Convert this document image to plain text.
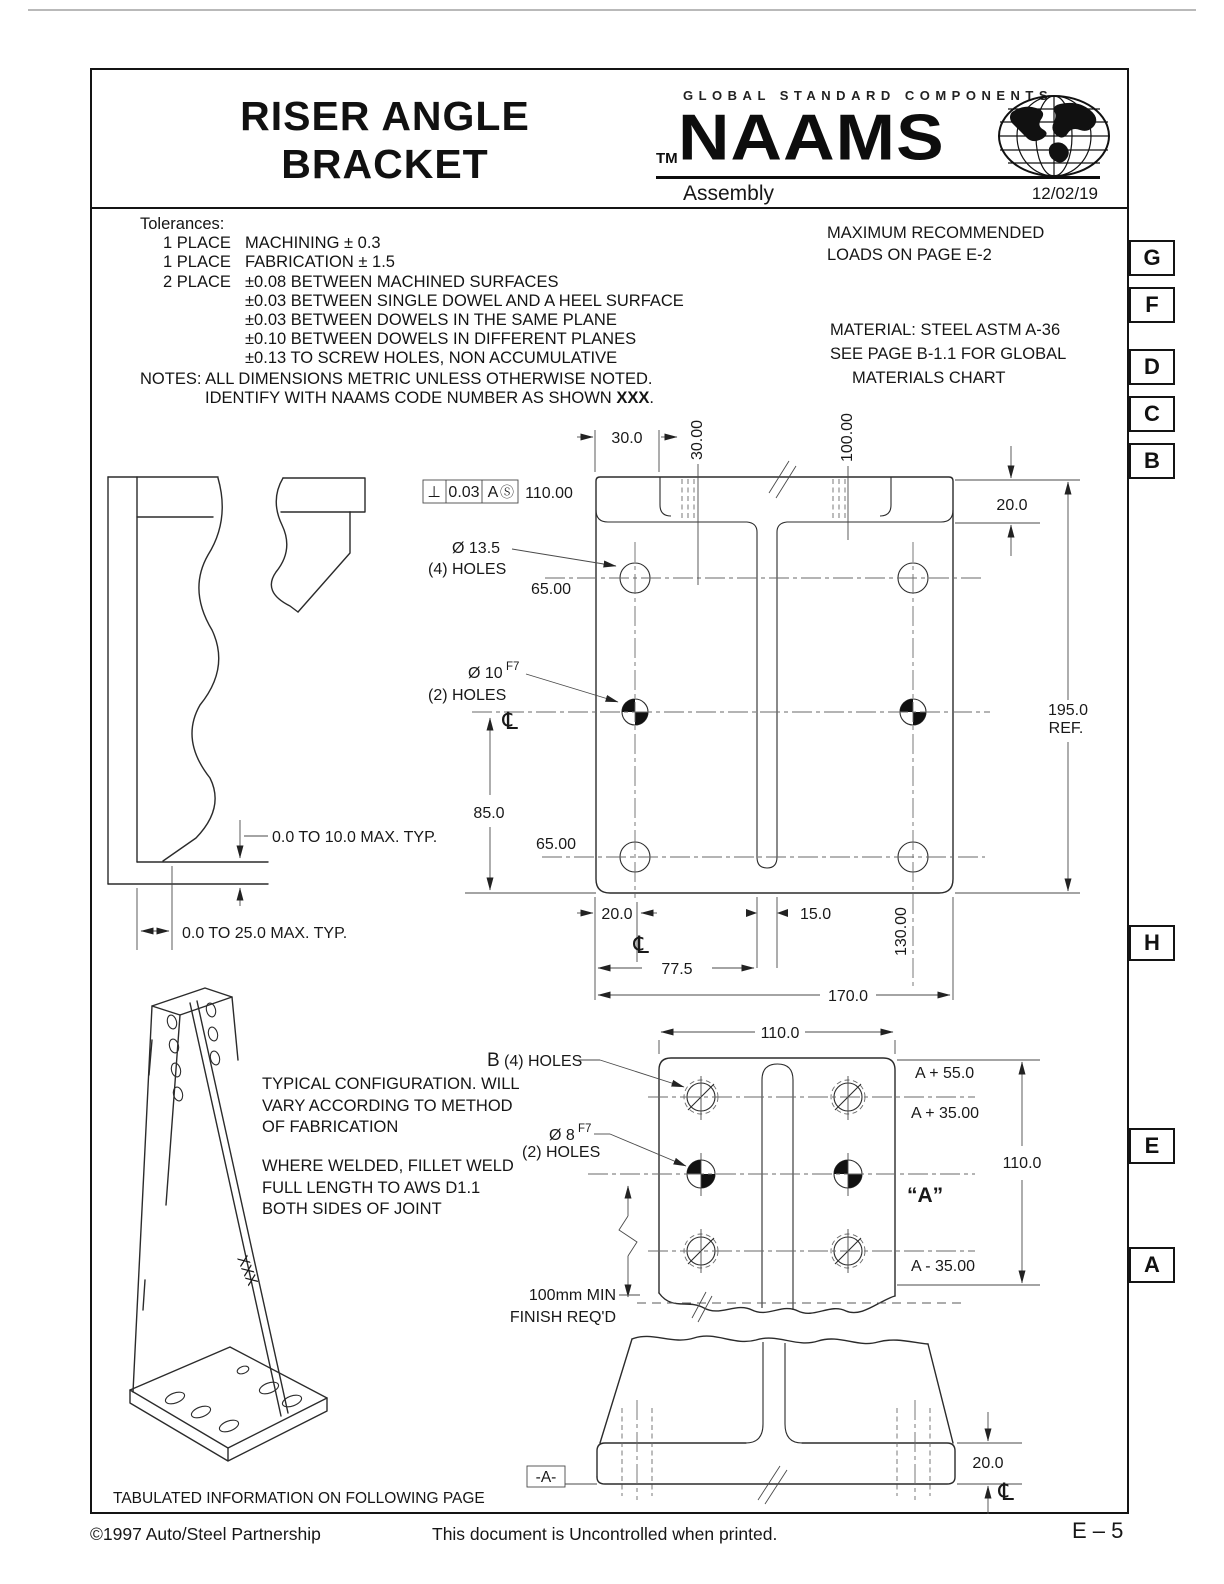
RISER ANGLE
BRACKET
GLOBAL STANDARD COMPONENTS
TM NAAMS
Assembly	12/02/19
Tolerances:
1 PLACE MACHINING ± 0.3
1 PLACE FABRICATION ± 1.5
2 PLACE ±0.08 BETWEEN MACHINED SURFACES
±0.03 BETWEEN SINGLE DOWEL AND A HEEL SURFACE
±0.03 BETWEEN DOWELS IN THE SAME PLANE
±0.10 BETWEEN DOWELS IN DIFFERENT PLANES
±0.13 TO SCREW HOLES, NON ACCUMULATIVE
NOTES: ALL DIMENSIONS METRIC UNLESS OTHERWISE NOTED.
IDENTIFY WITH NAAMS CODE NUMBER AS SHOWN XXX.
MAXIMUM RECOMMENDED
LOADS ON PAGE E-2
MATERIAL: STEEL ASTM A-36
SEE PAGE B-1.1 FOR GLOBAL
MATERIALS CHART
G
F
D
C
B
H
E
A
TYPICAL CONFIGURATION. WILL
VARY ACCORDING TO METHOD
OF FABRICATION
WHERE WELDED, FILLET WELD
FULL LENGTH TO AWS D1.1
BOTH SIDES OF JOINT
TABULATED INFORMATION ON FOLLOWING PAGE
©1997 Auto/Steel Partnership	This document is Uncontrolled when printed.	E – 5
0.0 TO 10.0 MAX. TYP.
0.0 TO 25.0 MAX. TYP.
30.0	30.00	100.00
⊥ 0.03 A Ⓢ 110.00
20.0
195.0
REF.
Ø 13.5
(4) HOLES
Ø 10 F7
(2) HOLES
℄
65.00
65.00
85.0
20.0
℄
15.0	130.00
77.5
170.0
XXX
110.0
A + 55.0
A + 35.00
“A”
A - 35.00
110.0
B (4) HOLES
Ø 8 F7
(2) HOLES
100mm MIN
FINISH REQ'D
-A-
20.0
℄
